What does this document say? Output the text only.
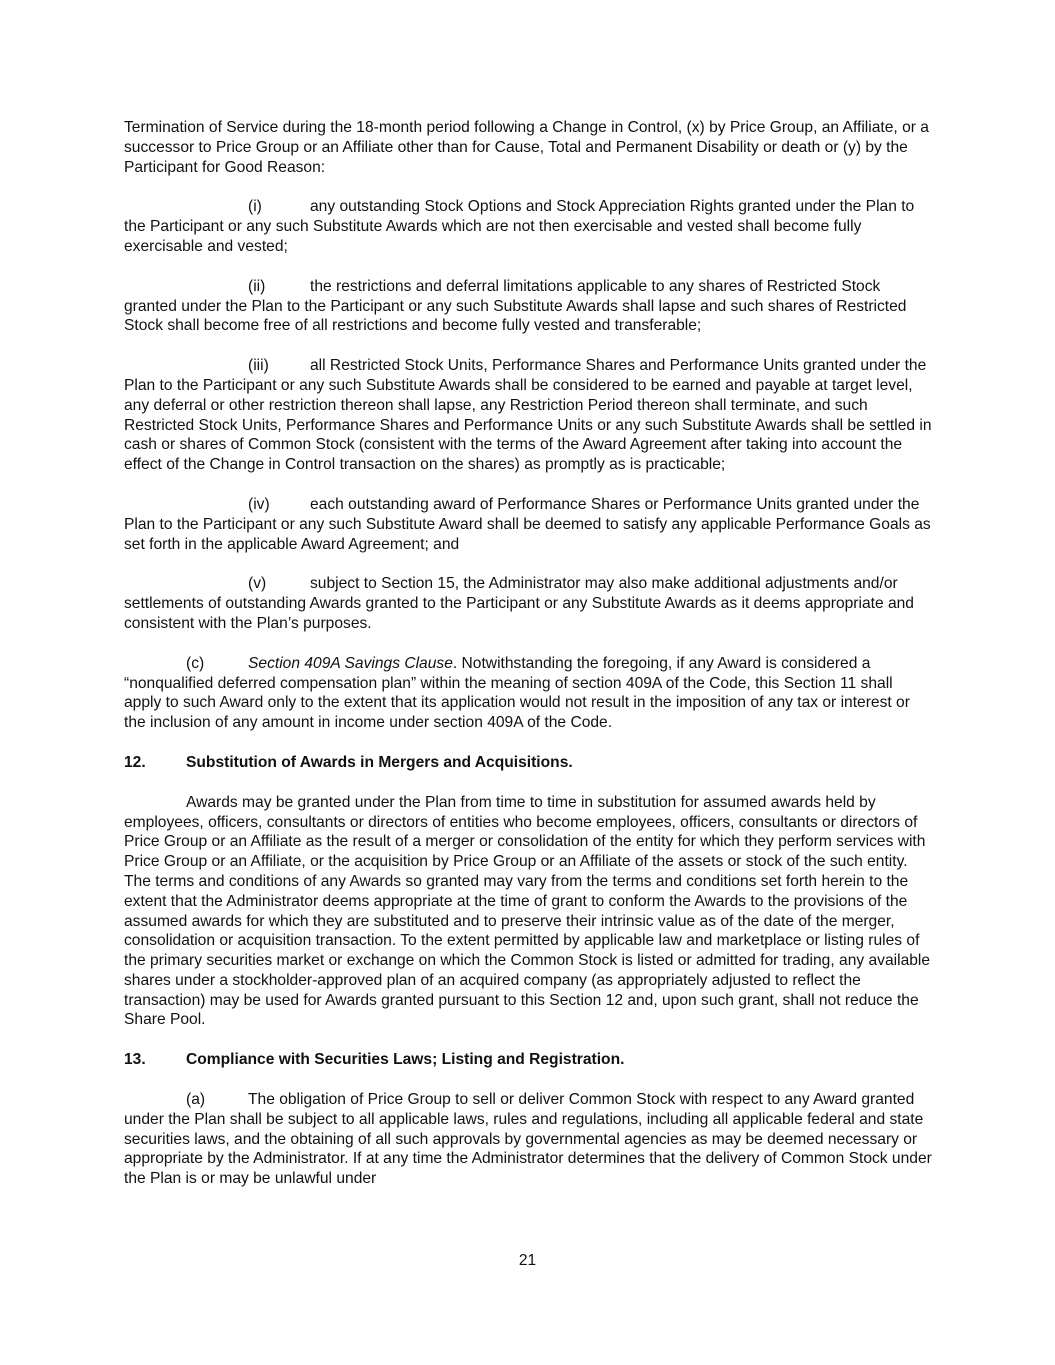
Termination of Service during the 18-month period following a Change in Control, (x) by Price Group, an Affiliate, or a successor to Price Group or an Affiliate other than for Cause, Total and Permanent Disability or death or (y) by the Participant for Good Reason:

(i)	any outstanding Stock Options and Stock Appreciation Rights granted under the Plan to the Participant or any such Substitute Awards which are not then exercisable and vested shall become fully exercisable and vested;

(ii)	the restrictions and deferral limitations applicable to any shares of Restricted Stock granted under the Plan to the Participant or any such Substitute Awards shall lapse and such shares of Restricted Stock shall become free of all restrictions and become fully vested and transferable;

(iii)	all Restricted Stock Units, Performance Shares and Performance Units granted under the Plan to the Participant or any such Substitute Awards shall be considered to be earned and payable at target level, any deferral or other restriction thereon shall lapse, any Restriction Period thereon shall terminate, and such Restricted Stock Units, Performance Shares and Performance Units or any such Substitute Awards shall be settled in cash or shares of Common Stock (consistent with the terms of the Award Agreement after taking into account the effect of the Change in Control transaction on the shares) as promptly as is practicable;

(iv)	each outstanding award of Performance Shares or Performance Units granted under the Plan to the Participant or any such Substitute Award shall be deemed to satisfy any applicable Performance Goals as set forth in the applicable Award Agreement; and

(v)	subject to Section 15, the Administrator may also make additional adjustments and/or settlements of outstanding Awards granted to the Participant or any Substitute Awards as it deems appropriate and consistent with the Plan’s purposes.

(c)	Section 409A Savings Clause. Notwithstanding the foregoing, if any Award is considered a “nonqualified deferred compensation plan” within the meaning of section 409A of the Code, this Section 11 shall apply to such Award only to the extent that its application would not result in the imposition of any tax or interest or the inclusion of any amount in income under section 409A of the Code.

12.	Substitution of Awards in Mergers and Acquisitions.

Awards may be granted under the Plan from time to time in substitution for assumed awards held by employees, officers, consultants or directors of entities who become employees, officers, consultants or directors of Price Group or an Affiliate as the result of a merger or consolidation of the entity for which they perform services with Price Group or an Affiliate, or the acquisition by Price Group or an Affiliate of the assets or stock of the such entity. The terms and conditions of any Awards so granted may vary from the terms and conditions set forth herein to the extent that the Administrator deems appropriate at the time of grant to conform the Awards to the provisions of the assumed awards for which they are substituted and to preserve their intrinsic value as of the date of the merger, consolidation or acquisition transaction. To the extent permitted by applicable law and marketplace or listing rules of the primary securities market or exchange on which the Common Stock is listed or admitted for trading, any available shares under a stockholder-approved plan of an acquired company (as appropriately adjusted to reflect the transaction) may be used for Awards granted pursuant to this Section 12 and, upon such grant, shall not reduce the Share Pool.

13.	Compliance with Securities Laws; Listing and Registration.

(a)	The obligation of Price Group to sell or deliver Common Stock with respect to any Award granted under the Plan shall be subject to all applicable laws, rules and regulations, including all applicable federal and state securities laws, and the obtaining of all such approvals by governmental agencies as may be deemed necessary or appropriate by the Administrator. If at any time the Administrator determines that the delivery of Common Stock under the Plan is or may be unlawful under

21
